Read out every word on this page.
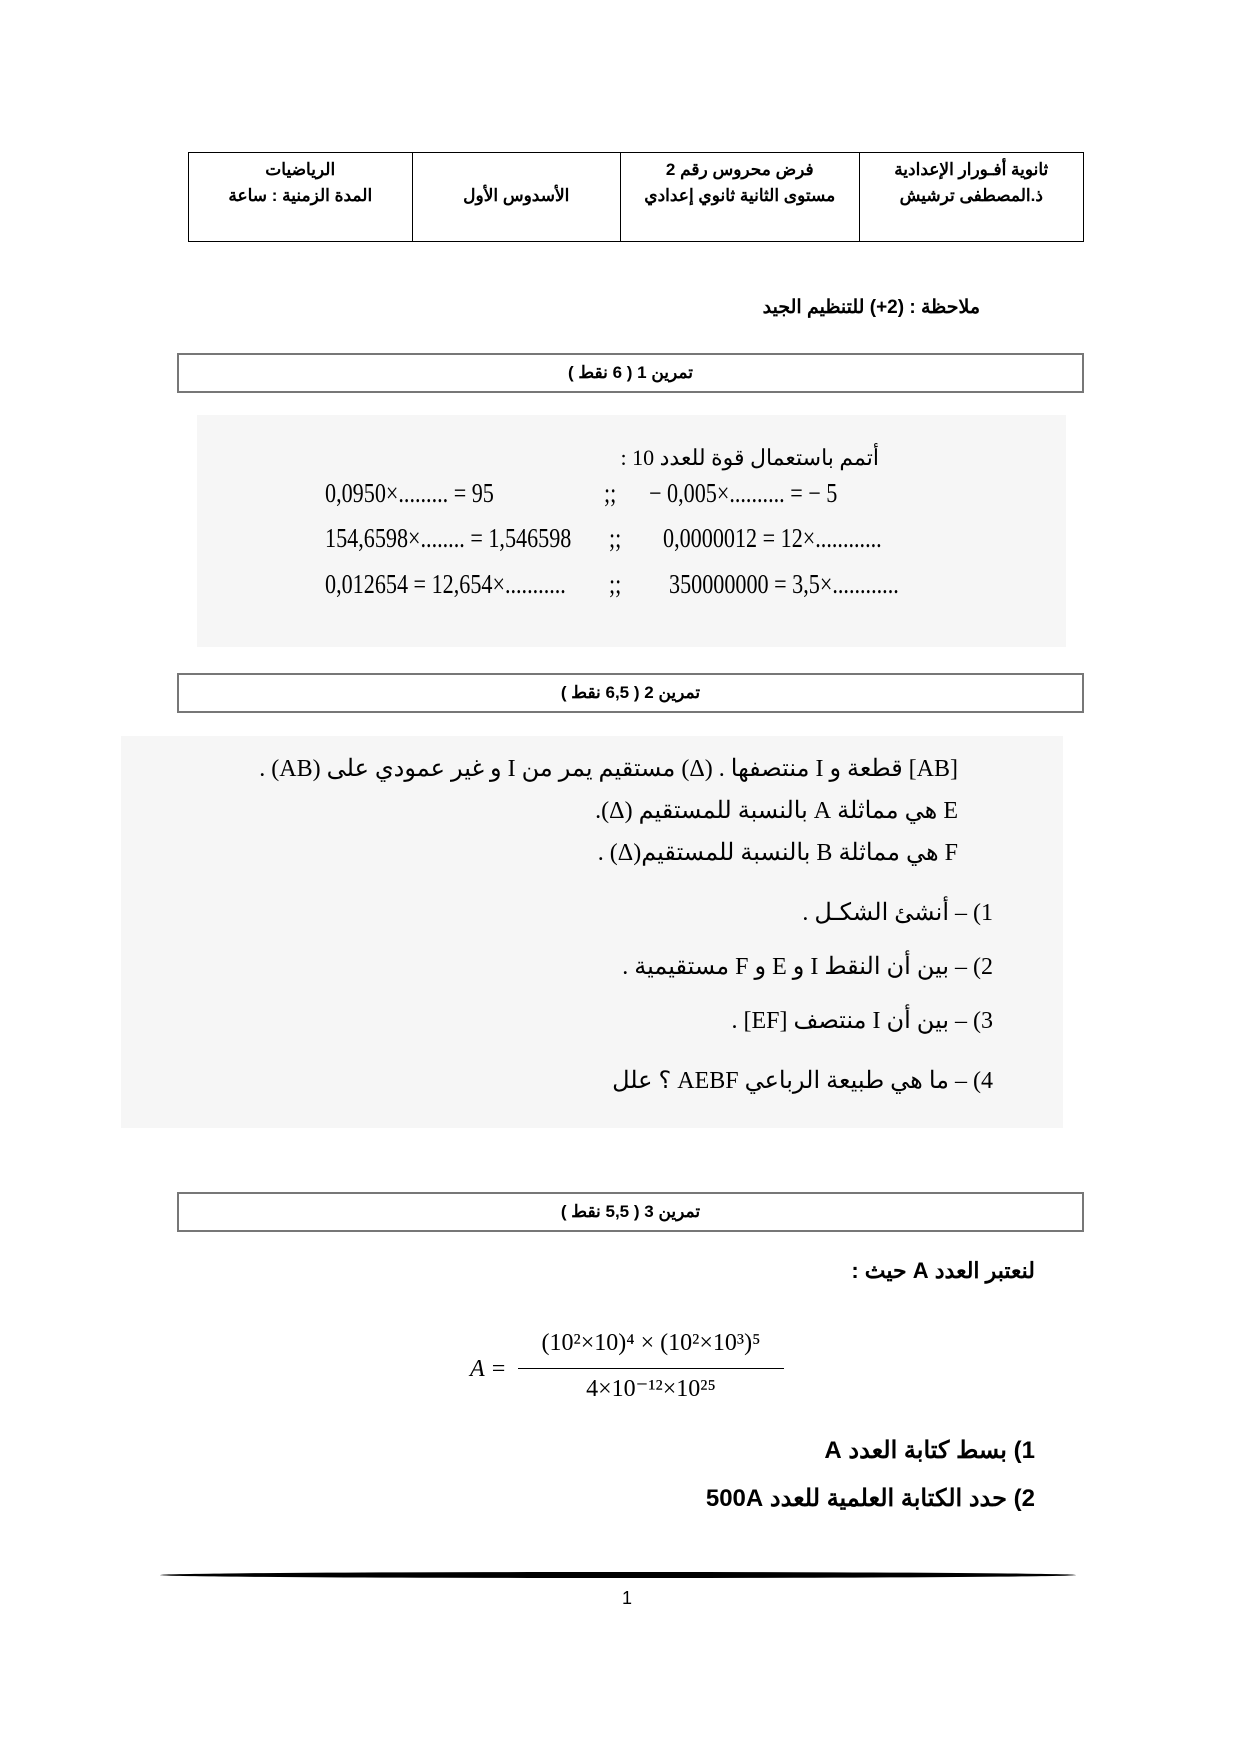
ثانوية أفـورار الإعدادية
ذ.المصطفى ترشيش
فرض محروس رقم 2
مستوى الثانية ثانوي إعدادي
الأسدوس الأول
الرياضيات
المدة الزمنية : ساعة
ملاحظة : (2+) للتنظيم الجيد
تمرين 1 ( 6 نقط )
أتمم باستعمال قوة للعدد 10 :
0,0950×......... = 95	;; − 0,005×.......... = − 5
154,6598×........ = 1,546598 ;; 0,0000012 = 12×............
0,012654 = 12,654×........... ;; 350000000 = 3,5×............
تمرين 2 ( 6,5 نقط )
[AB] قطعة و I منتصفها . (Δ) مستقيم يمر من I و غير عمودي على (AB) .
E هي مماثلة A بالنسبة للمستقيم (Δ).
F هي مماثلة B بالنسبة للمستقيم(Δ) .
1) – أنشئ الشكـل .
2) – بين أن النقط I و E و F مستقيمية .
3) – بين أن I منتصف [EF] .
4) – ما هي طبيعة الرباعي AEBF ؟ علل
تمرين 3 ( 5,5 نقط )
لنعتبر العدد A حيث :
A =
(10²×10)⁴ × (10²×10³)⁵
4×10⁻¹²×10²⁵
1) بسط كتابة العدد A
2) حدد الكتابة العلمية للعدد 500A
1
